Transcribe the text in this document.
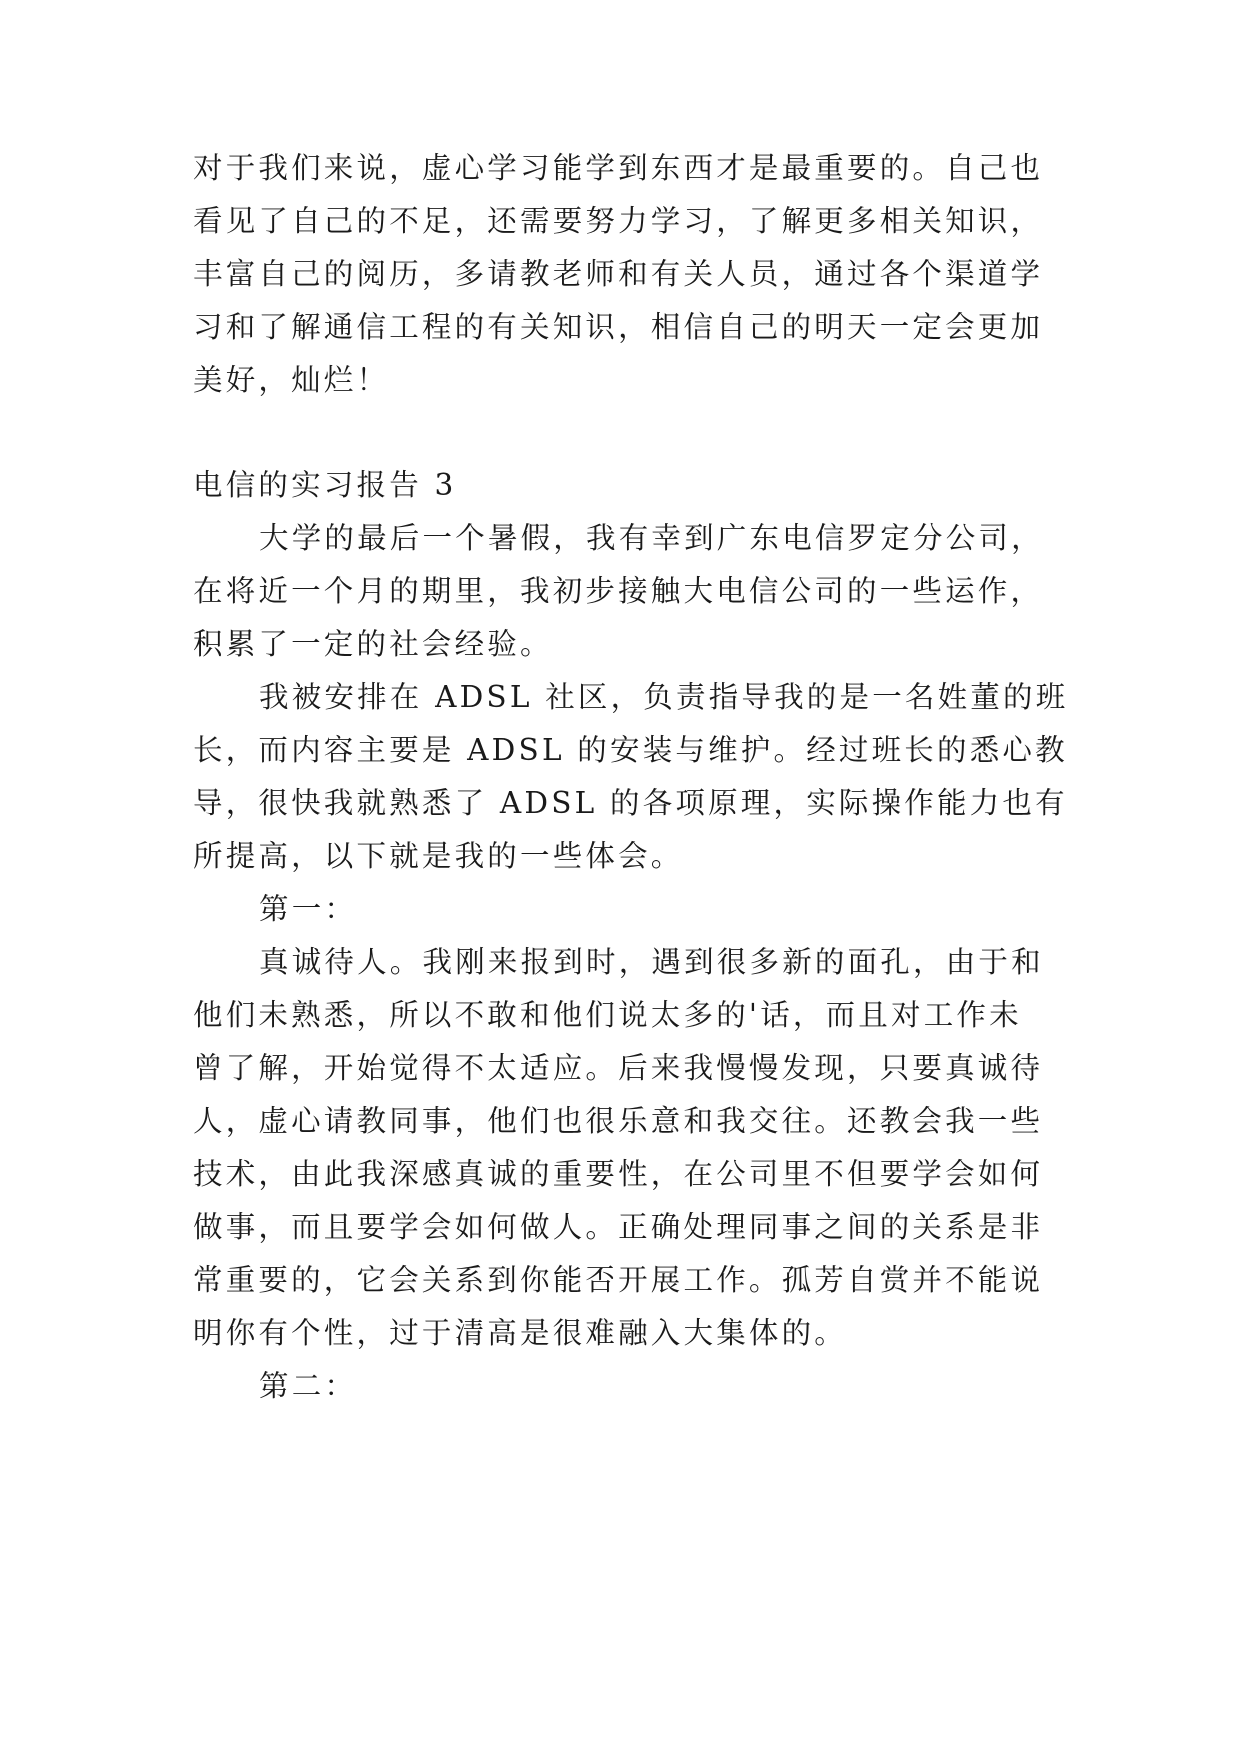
对于我们来说，虚心学习能学到东西才是最重要的。自己也

看见了自己的不足，还需要努力学习，了解更多相关知识，

丰富自己的阅历，多请教老师和有关人员，通过各个渠道学

习和了解通信工程的有关知识，相信自己的明天一定会更加

美好，灿烂！

电信的实习报告 3

大学的最后一个暑假，我有幸到广东电信罗定分公司，

在将近一个月的期里，我初步接触大电信公司的一些运作，

积累了一定的社会经验。

我被安排在 ADSL 社区，负责指导我的是一名姓董的班

长，而内容主要是 ADSL 的安装与维护。经过班长的悉心教

导，很快我就熟悉了 ADSL 的各项原理，实际操作能力也有

所提高，以下就是我的一些体会。

第一：

真诚待人。我刚来报到时，遇到很多新的面孔，由于和

他们未熟悉，所以不敢和他们说太多的'话，而且对工作未

曾了解，开始觉得不太适应。后来我慢慢发现，只要真诚待

人，虚心请教同事，他们也很乐意和我交往。还教会我一些

技术，由此我深感真诚的重要性，在公司里不但要学会如何

做事，而且要学会如何做人。正确处理同事之间的关系是非

常重要的，它会关系到你能否开展工作。孤芳自赏并不能说

明你有个性，过于清高是很难融入大集体的。

第二：
